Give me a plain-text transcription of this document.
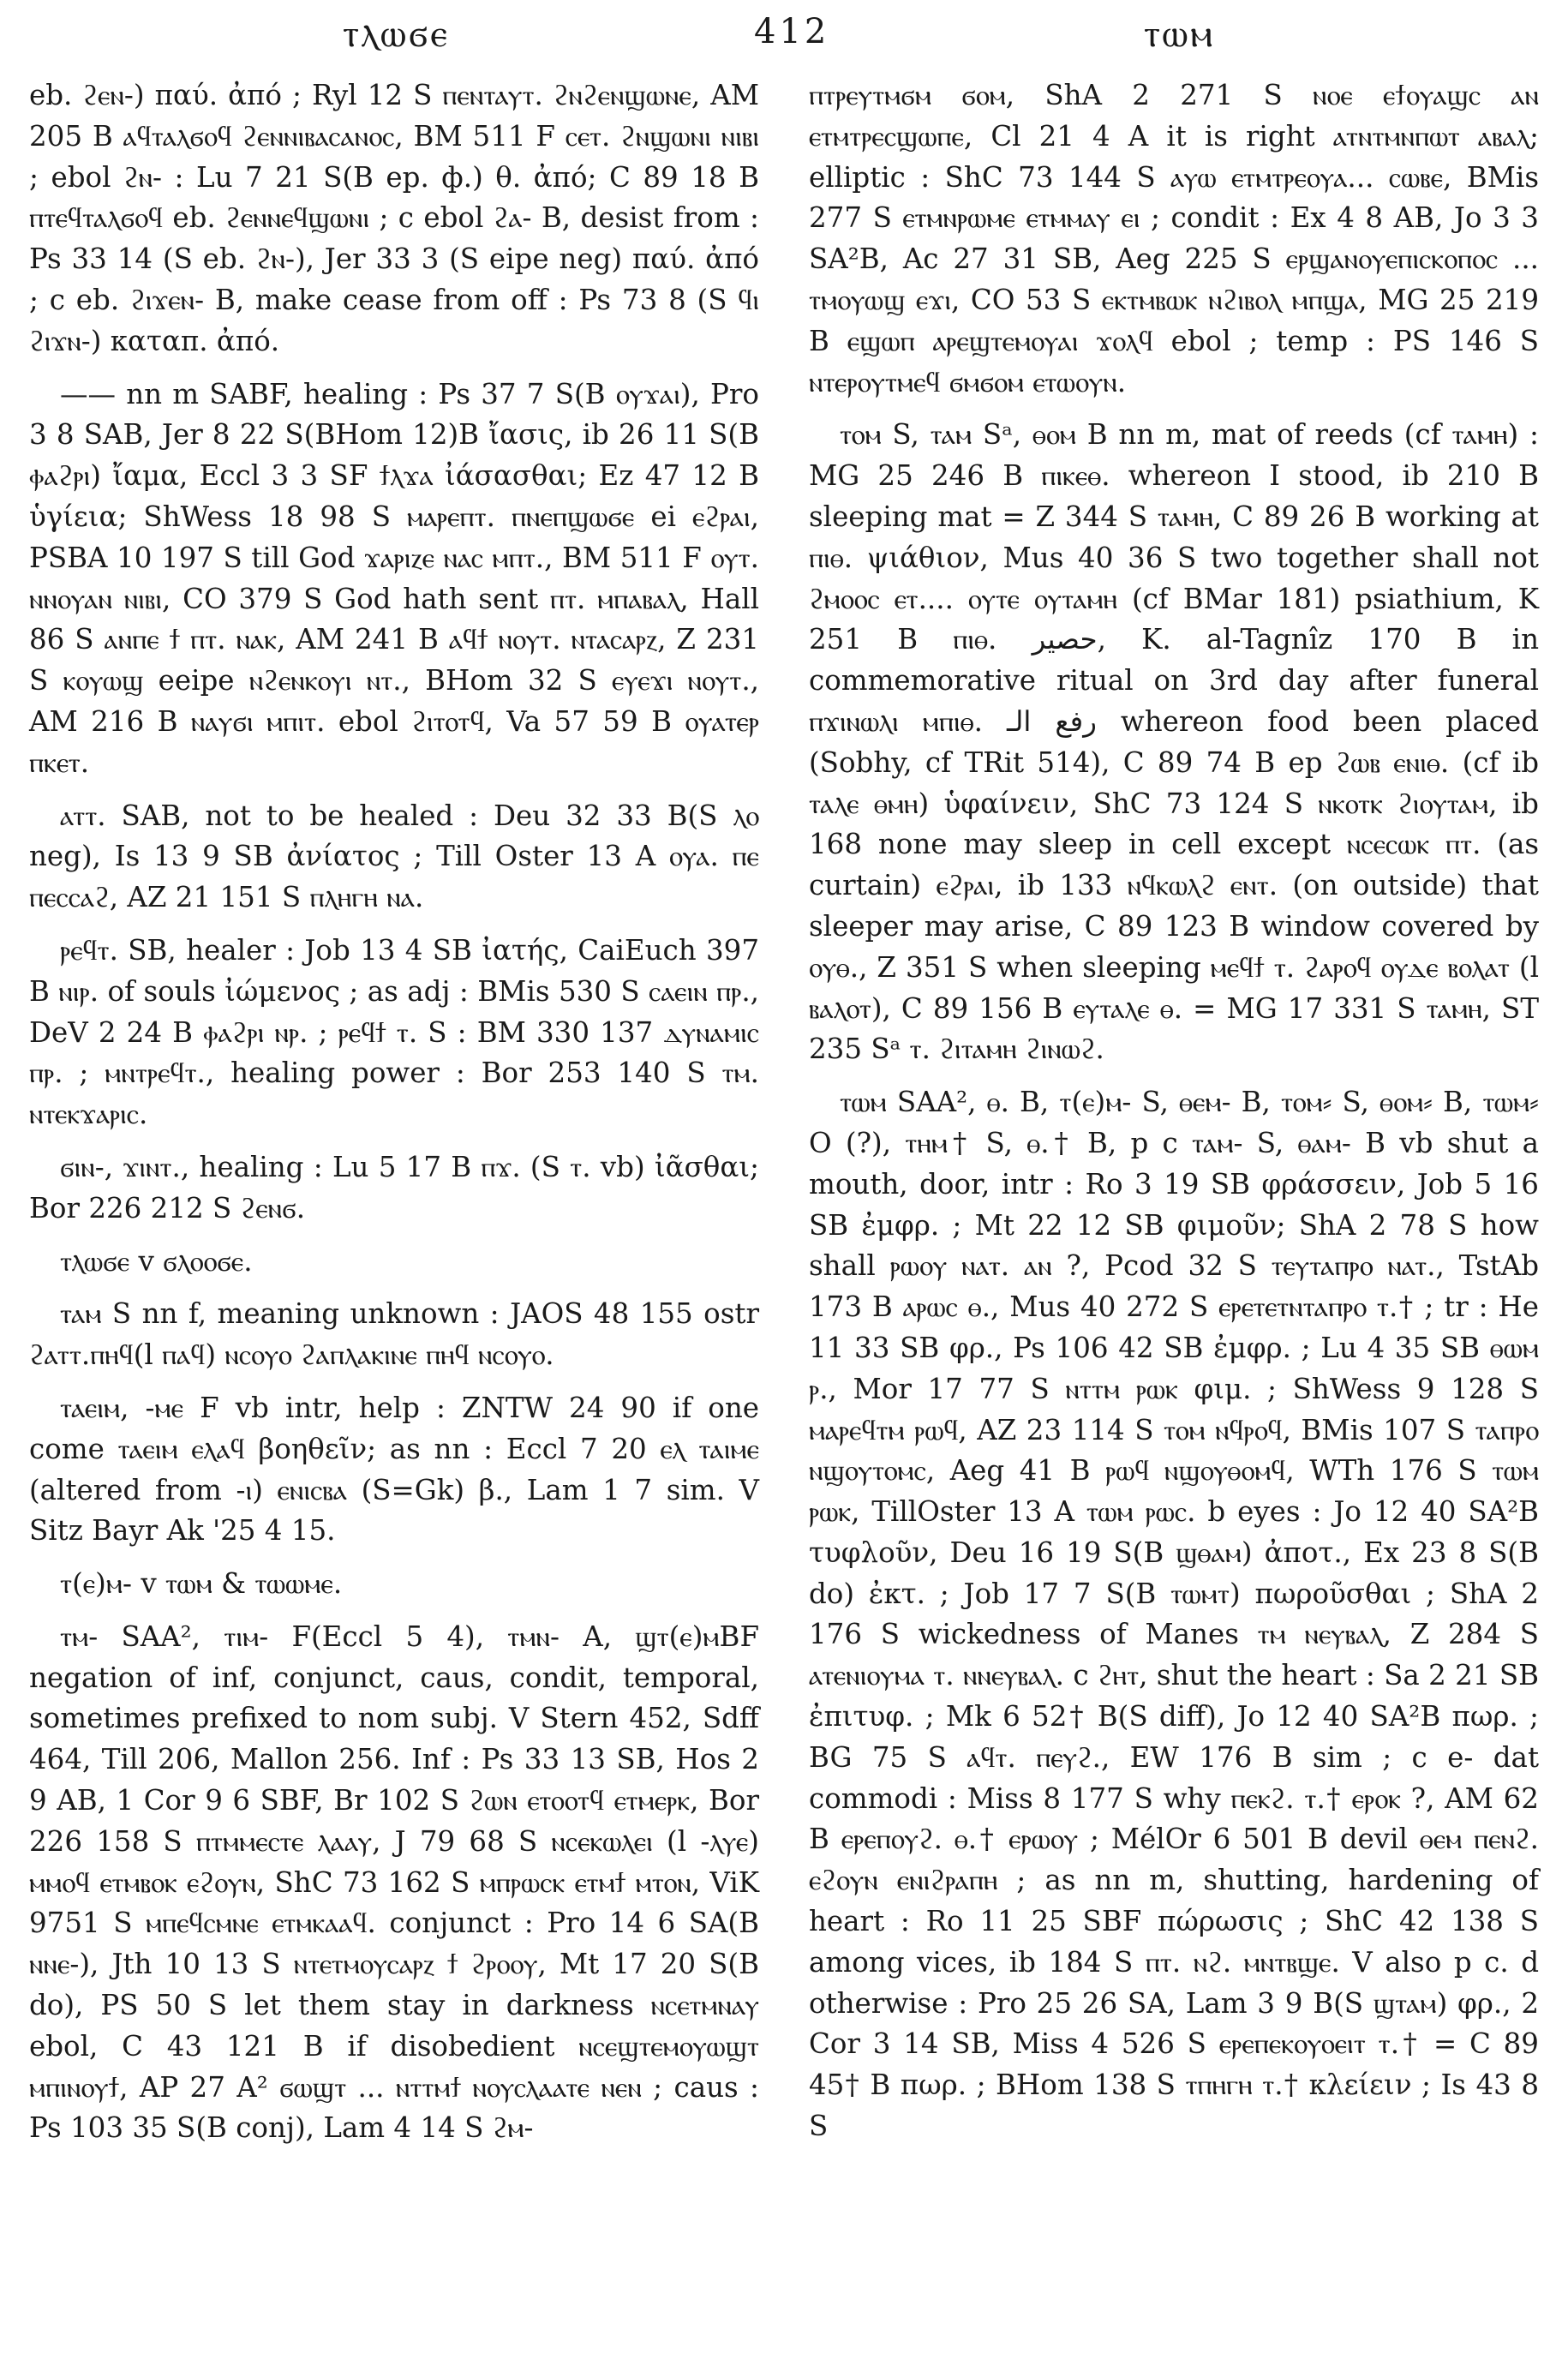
ⲧⲗⲱϭⲉ	412	ⲧⲱⲙ

eb. ϩⲉⲛ-) παύ. ἀπό ; Ryl 12 S ⲡⲉⲛⲧⲁⲩⲧ. ϩⲛϩⲉⲛϣⲱⲛⲉ, AM 205 B ⲁϥⲧⲁⲗϭⲟϥ ϩⲉⲛⲛⲓⲃⲁⲥⲁⲛⲟⲥ, BM 511 F ⲥⲉⲧ. ϩⲛϣⲱⲛⲓ ⲛⲓⲃⲓ ; ebol ϩⲛ- : Lu 7 21 S(B ep. ф.) θ. ἀπό; C 89 18 B ⲡⲧⲉϥⲧⲁⲗϭⲟϥ eb. ϩⲉⲛⲛⲉϥϣⲱⲛⲓ ; c ebol ϩⲁ- B, desist from : Ps 33 14 (S eb. ϩⲛ-), Jer 33 3 (S eipe neg) παύ. ἀπό ; c eb. ϩⲓϫⲉⲛ- B, make cease from off : Ps 73 8 (S ϥⲓ ϩⲓϫⲛ-) καταπ. ἀπό.

—— nn m SABF, healing : Ps 37 7 S(B ⲟⲩϫⲁⲓ), Pro 3 8 SAB, Jer 8 22 S(BHom 12)B ἴασις, ib 26 11 S(B ⲫⲁϩⲣⲓ) ἴαμα, Eccl 3 3 SF ϯⲗϫⲁ ἰάσασθαι; Ez 47 12 B ὑγίεια; ShWess 18 98 S ⲙⲁⲣⲉⲡⲧ. ⲡⲛⲉⲡϣⲱϭⲉ ei ⲉϩⲣⲁⲓ, PSBA 10 197 S till God ϫⲁⲣⲓⲍⲉ ⲛⲁⲥ ⲙⲡⲧ., BM 511 F ⲟⲩⲧ. ⲛⲛⲟⲩⲁⲛ ⲛⲓⲃⲓ, CO 379 S God hath sent ⲡⲧ. ⲙⲡⲁⲃⲁⲗ, Hall 86 S ⲁⲛⲡⲉ ϯ ⲡⲧ. ⲛⲁⲕ, AM 241 B ⲁϥϯ ⲛⲟⲩⲧ. ⲛⲧⲁⲥⲁⲣⲍ, Z 231 S ⲕⲟⲩⲱϣ eeipe ⲛϩⲉⲛⲕⲟⲩⲓ ⲛⲧ., BHom 32 S ⲉⲩⲉϫⲓ ⲛⲟⲩⲧ., AM 216 B ⲛⲁⲩϭⲓ ⲙⲡⲓⲧ. ebol ϩⲓⲧⲟⲧϥ, Va 57 59 B ⲟⲩⲁⲧⲉⲣ ⲡⲕⲉⲧ.

ⲁⲧⲧ. SAB, not to be healed : Deu 32 33 B(S ⲗⲟ neg), Is 13 9 SB ἀνίατος ; Till Oster 13 A ⲟⲩⲁ. ⲡⲉ ⲡⲉⲥⲥⲁϩ, AZ 21 151 S ⲡⲗⲏⲅⲏ ⲛⲁ.

ⲣⲉϥⲧ. SB, healer : Job 13 4 SB ἰατής, CaiEuch 397 B ⲛⲓⲣ. of souls ἰώμενος ; as adj : BMis 530 S ⲥⲁⲉⲓⲛ ⲡⲣ., DeV 2 24 B ⲫⲁϩⲣⲓ ⲛⲣ. ; ⲣⲉϥϯ ⲧ. S : BM 330 137 ⲇⲩⲛⲁⲙⲓⲥ ⲡⲣ. ; ⲙⲛⲧⲣⲉϥⲧ., healing power : Bor 253 140 S ⲧⲙ. ⲛⲧⲉⲕϫⲁⲣⲓⲥ.

ϭⲓⲛ-, ϫⲓⲛⲧ., healing : Lu 5 17 B ⲡϫ. (S ⲧ. vb) ἰᾶσθαι; Bor 226 212 S ϩⲉⲛϭ.

ⲧⲗⲱϭⲉ v ϭⲗⲟⲟϭⲉ.

ⲧⲁⲙ S nn f, meaning unknown : JAOS 48 155 ostr ϩⲁⲧⲧ.ⲡⲏϥ(l ⲡⲁϥ) ⲛⲥⲟⲩⲟ ϩⲁⲡⲗⲁⲕⲓⲛⲉ ⲡⲏϥ ⲛⲥⲟⲩⲟ.

ⲧⲁⲉⲓⲙ, -ⲙⲉ F vb intr, help : ZNTW 24 90 if one come ⲧⲁⲉⲓⲙ ⲉⲗⲁϥ βοηθεῖν; as nn : Eccl 7 20 ⲉⲗ ⲧⲁⲓⲙⲉ (altered from -ⲓ) ⲉⲛⲓⲥⲃⲁ (S=Gk) β., Lam 1 7 sim. V Sitz Bayr Ak '25 4 15.

ⲧ(ⲉ)ⲙ- v ⲧⲱⲙ & ⲧⲱⲱⲙⲉ.

ⲧⲙ- SAA², ⲧⲓⲙ- F(Eccl 5 4), ⲧⲙⲛ- A, ϣⲧ(ⲉ)ⲙBF negation of inf, conjunct, caus, condit, temporal, sometimes prefixed to nom subj. V Stern 452, Sdff 464, Till 206, Mallon 256. Inf : Ps 33 13 SB, Hos 2 9 AB, 1 Cor 9 6 SBF, Br 102 S ϩⲱⲛ ⲉⲧⲟⲟⲧϥ ⲉⲧⲙⲉⲣⲕ, Bor 226 158 S ⲡⲧⲙⲙⲉⲥⲧⲉ ⲗⲁⲁⲩ, J 79 68 S ⲛⲥⲉⲕⲱⲗⲉⲓ (l -ⲗⲩⲉ) ⲙⲙⲟϥ ⲉⲧⲙⲃⲟⲕ ⲉϩⲟⲩⲛ, ShC 73 162 S ⲙⲡⲣⲱⲥⲕ ⲉⲧⲙϯ ⲙⲧⲟⲛ, ViK 9751 S ⲙⲡⲉϥⲥⲙⲛⲉ ⲉⲧⲙⲕⲁⲁϥ. conjunct : Pro 14 6 SA(B ⲛⲛⲉ-), Jth 10 13 S ⲛⲧⲉⲧⲙⲟⲩⲥⲁⲣⲍ ϯ ϩⲣⲟⲟⲩ, Mt 17 20 S(B do), PS 50 S let them stay in darkness ⲛⲥⲉⲧⲙⲛⲁⲩ ebol, C 43 121 B if disobedient ⲛⲥⲉϣⲧⲉⲙⲟⲩⲱϣⲧ ⲙⲡⲓⲛⲟⲩϯ, AP 27 A² ϭⲱϣⲧ ... ⲛⲧⲧⲙϯ ⲛⲟⲩⲥⲗⲁⲁⲧⲉ ⲛⲉⲛ ; caus : Ps 103 35 S(B conj), Lam 4 14 S ϩⲙ-

ⲡⲧⲣⲉⲩⲧⲙϭⲙ ϭⲟⲙ, ShA 2 271 S ⲛⲟⲉ ⲉϯⲟⲩⲁϣⲥ ⲁⲛ ⲉⲧⲙⲧⲣⲉⲥϣⲱⲡⲉ, Cl 21 4 A it is right ⲁⲧⲛⲧⲙⲛⲡⲱⲧ ⲁⲃⲁⲗ; elliptic : ShC 73 144 S ⲁⲩⲱ ⲉⲧⲙⲧⲣⲉⲟⲩⲁ... ⲥⲱⲃⲉ, BMis 277 S ⲉⲧⲙⲛⲣⲱⲙⲉ ⲉⲧⲙⲙⲁⲩ ⲉⲓ ; condit : Ex 4 8 AB, Jo 3 3 SA²B, Ac 27 31 SB, Aeg 225 S ⲉⲣϣⲁⲛⲟⲩⲉⲡⲓⲥⲕⲟⲡⲟⲥ ... ⲧⲙⲟⲩⲱϣ ⲉϫⲓ, CO 53 S ⲉⲕⲧⲙⲃⲱⲕ ⲛϩⲓⲃⲟⲗ ⲙⲡϣⲁ, MG 25 219 B ⲉϣⲱⲡ ⲁⲣⲉϣⲧⲉⲙⲟⲩⲁⲓ ϫⲟⲗϥ ebol ; temp : PS 146 S ⲛⲧⲉⲣⲟⲩⲧⲙⲉϥ ϭⲙϭⲟⲙ ⲉⲧⲱⲟⲩⲛ.

ⲧⲟⲙ S, ⲧⲁⲙ Sᵃ, ⲑⲟⲙ B nn m, mat of reeds (cf ⲧⲁⲙⲏ) : MG 25 246 B ⲡⲓⲕⲉⲑ. whereon I stood, ib 210 B sleeping mat = Z 344 S ⲧⲁⲙⲏ, C 89 26 B working at ⲡⲓⲑ. ψιάθιον, Mus 40 36 S two together shall not ϩⲙⲟⲟⲥ ⲉⲧ.... ⲟⲩⲧⲉ ⲟⲩⲧⲁⲙⲏ (cf BMar 181) psiathium, K 251 B ⲡⲓⲑ. حصير, K. al-Tagnîz 170 B in commemorative ritual on 3rd day after funeral ⲡϫⲓⲛⲱⲗⲓ ⲙⲡⲓⲑ. رفع الـ whereon food been placed (Sobhy, cf TRit 514), C 89 74 B ep ϩⲱⲃ ⲉⲛⲓⲑ. (cf ib ⲧⲁⲗⲉ ⲑⲙⲏ) ὑφαίνειν, ShC 73 124 S ⲛⲕⲟⲧⲕ ϩⲓⲟⲩⲧⲁⲙ, ib 168 none may sleep in cell except ⲛⲥⲉⲥⲱⲕ ⲡⲧ. (as curtain) ⲉϩⲣⲁⲓ, ib 133 ⲛϥⲕⲱⲗϩ ⲉⲛⲧ. (on outside) that sleeper may arise, C 89 123 B window covered by ⲟⲩⲑ., Z 351 S when sleeping ⲙⲉϥϯ ⲧ. ϩⲁⲣⲟϥ ⲟⲩⲇⲉ ⲃⲟⲗⲁⲧ (l ⲃⲁⲗⲟⲧ), C 89 156 B ⲉⲩⲧⲁⲗⲉ ⲑ. = MG 17 331 S ⲧⲁⲙⲏ, ST 235 Sᵃ ⲧ. ϩⲓⲧⲁⲙⲏ ϩⲓⲛⲱϩ.

ⲧⲱⲙ SAA², ⲑ. B, ⲧ(ⲉ)ⲙ- S, ⲑⲉⲙ- B, ⲧⲟⲙ⸗ S, ⲑⲟⲙ⸗ B, ⲧⲱⲙ⸗ O (?), ⲧⲏⲙ† S, ⲑ.† B, p c ⲧⲁⲙ- S, ⲑⲁⲙ- B vb shut a mouth, door, intr : Ro 3 19 SB φράσσειν, Job 5 16 SB ἐμφρ. ; Mt 22 12 SB φιμοῦν; ShA 2 78 S how shall ⲣⲱⲟⲩ ⲛⲁⲧ. ⲁⲛ ?, Pcod 32 S ⲧⲉⲩⲧⲁⲡⲣⲟ ⲛⲁⲧ., TstAb 173 B ⲁⲣⲱⲥ ⲑ., Mus 40 272 S ⲉⲣⲉⲧⲉⲧⲛⲧⲁⲡⲣⲟ ⲧ.† ; tr : He 11 33 SB φρ., Ps 106 42 SB ἐμφρ. ; Lu 4 35 SB ⲑⲱⲙ ⲣ., Mor 17 77 S ⲛⲧⲧⲙ ⲣⲱⲕ φιμ. ; ShWess 9 128 S ⲙⲁⲣⲉϥⲧⲙ ⲣⲱϥ, AZ 23 114 S ⲧⲟⲙ ⲛϥⲣⲟϥ, BMis 107 S ⲧⲁⲡⲣⲟ ⲛϣⲟⲩⲧⲟⲙⲥ, Aeg 41 B ⲣⲱϥ ⲛϣⲟⲩⲑⲟⲙϥ, WTh 176 S ⲧⲱⲙ ⲣⲱⲕ, TillOster 13 A ⲧⲱⲙ ⲣⲱⲥ. b eyes : Jo 12 40 SA²B τυφλοῦν, Deu 16 19 S(B ϣⲑⲁⲙ) ἀποτ., Ex 23 8 S(B do) ἐκτ. ; Job 17 7 S(B ⲧⲱⲙⲧ) πωροῦσθαι ; ShA 2 176 S wickedness of Manes ⲧⲙ ⲛⲉⲩⲃⲁⲗ, Z 284 S ⲁⲧⲉⲛⲓⲟⲩⲙⲁ ⲧ. ⲛⲛⲉⲩⲃⲁⲗ. c ϩⲏⲧ, shut the heart : Sa 2 21 SB ἐπιτυφ. ; Mk 6 52† B(S diff), Jo 12 40 SA²B πωρ. ; BG 75 S ⲁϥⲧ. ⲡⲉⲩϩ., EW 176 B sim ; c e- dat commodi : Miss 8 177 S why ⲡⲉⲕϩ. ⲧ.† ⲉⲣⲟⲕ ?, AM 62 B ⲉⲣⲉⲡⲟⲩϩ. ⲑ.† ⲉⲣⲱⲟⲩ ; MélOr 6 501 B devil ⲑⲉⲙ ⲡⲉⲛϩ. ⲉϩⲟⲩⲛ ⲉⲛⲓϩⲣⲁⲡⲏ ; as nn m, shutting, hardening of heart : Ro 11 25 SBF πώρωσις ; ShC 42 138 S among vices, ib 184 S ⲡⲧ. ⲛϩ. ⲙⲛⲧⲃϣⲉ. V also p c. d otherwise : Pro 25 26 SA, Lam 3 9 B(S ϣⲧⲁⲙ) φρ., 2 Cor 3 14 SB, Miss 4 526 S ⲉⲣⲉⲡⲉⲕⲟⲩⲟⲉⲓⲧ ⲧ.† = C 89 45† B πωρ. ; BHom 138 S ⲧⲡⲏⲅⲏ ⲧ.† κλείειν ; Is 43 8 S
